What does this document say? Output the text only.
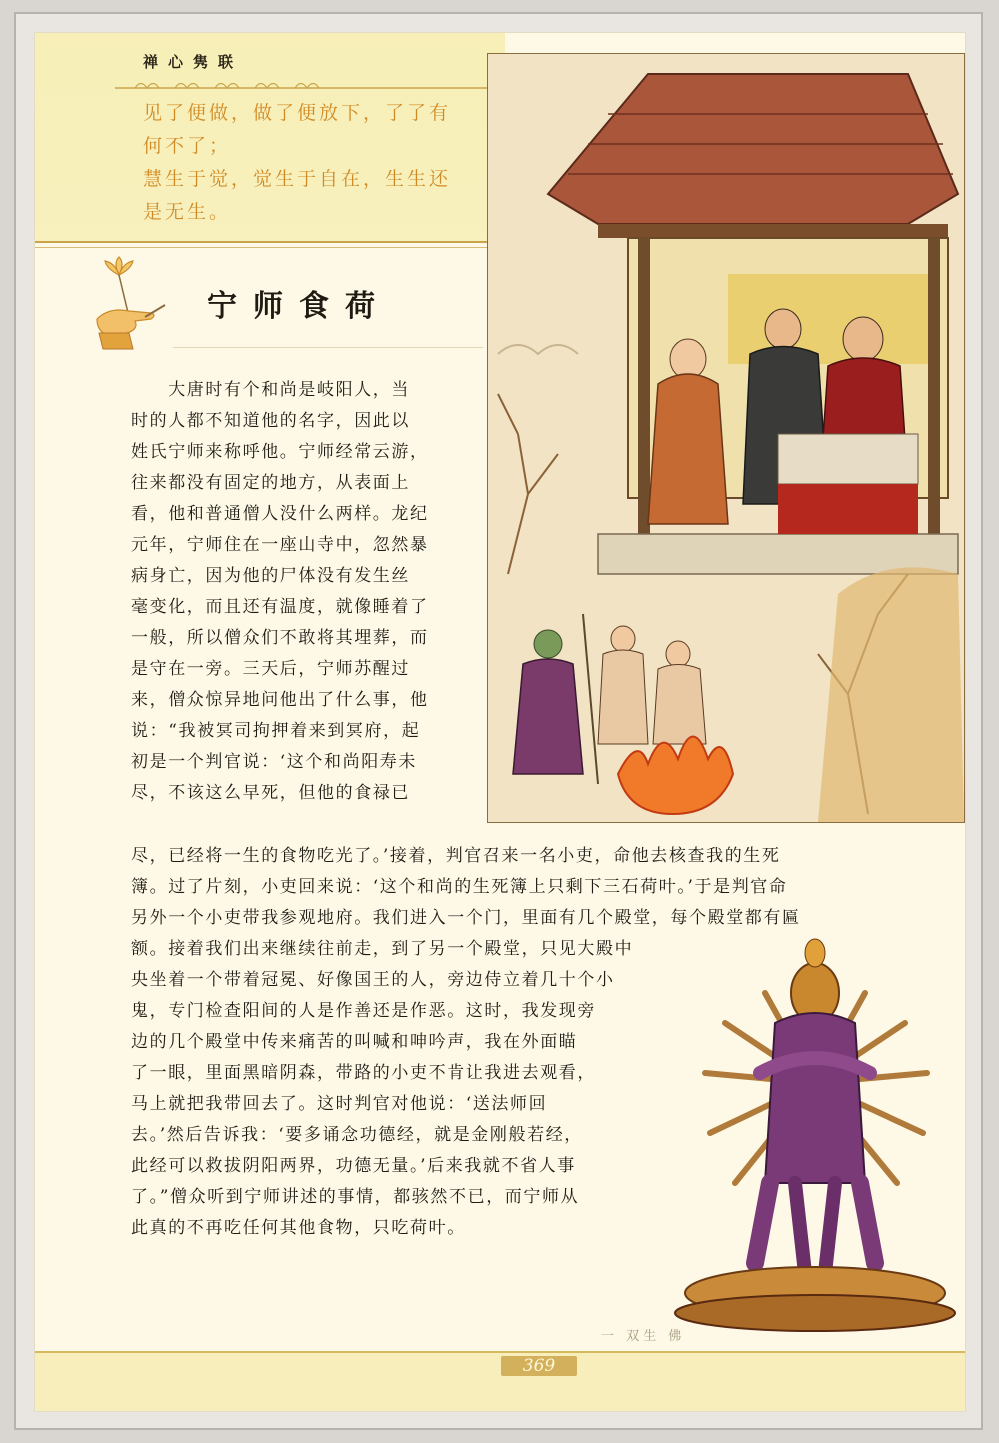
禅心隽联
见了便做，做了便放下，了了有
何不了；
慧生于觉，觉生于自在，生生还
是无生。
宁师食荷
　　大唐时有个和尚是岐阳人，当
时的人都不知道他的名字，因此以
姓氏宁师来称呼他。宁师经常云游，
往来都没有固定的地方，从表面上
看，他和普通僧人没什么两样。龙纪
元年，宁师住在一座山寺中，忽然暴
病身亡，因为他的尸体没有发生丝
毫变化，而且还有温度，就像睡着了
一般，所以僧众们不敢将其埋葬，而
是守在一旁。三天后，宁师苏醒过
来，僧众惊异地问他出了什么事，他
说：“我被冥司拘押着来到冥府，起
初是一个判官说：‘这个和尚阳寿未
尽，不该这么早死，但他的食禄已
尽，已经将一生的食物吃光了。’接着，判官召来一名小吏，命他去核查我的生死
簿。过了片刻，小吏回来说：‘这个和尚的生死簿上只剩下三石荷叶。’于是判官命
另外一个小吏带我参观地府。我们进入一个门，里面有几个殿堂，每个殿堂都有匾
额。接着我们出来继续往前走，到了另一个殿堂，只见大殿中
央坐着一个带着冠冕、好像国王的人，旁边侍立着几十个小
鬼，专门检查阳间的人是作善还是作恶。这时，我发现旁
边的几个殿堂中传来痛苦的叫喊和呻吟声，我在外面瞄
了一眼，里面黑暗阴森，带路的小吏不肯让我进去观看，
马上就把我带回去了。这时判官对他说：‘送法师回
去。’然后告诉我：‘要多诵念功德经，就是金刚般若经，
此经可以救拔阴阳两界，功德无量。’后来我就不省人事
了。”僧众听到宁师讲述的事情，都骇然不已，而宁师从
此真的不再吃任何其他食物，只吃荷叶。
一 双生 佛
369
